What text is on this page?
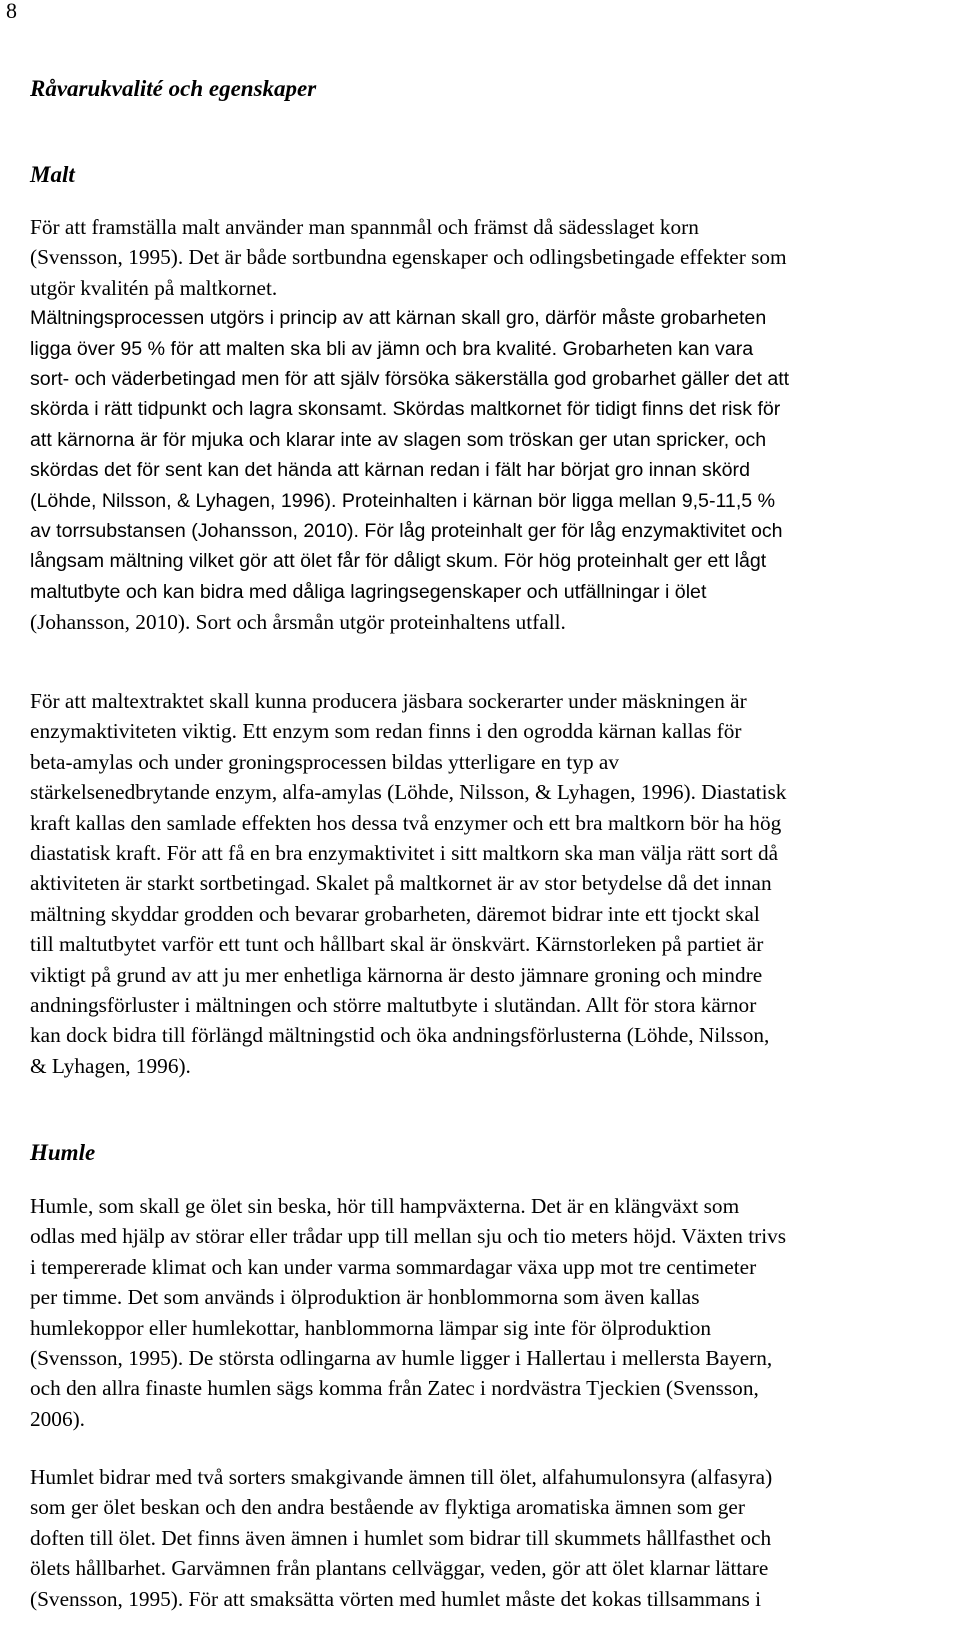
8
Råvarukvalité och egenskaper
Malt
För att framställa malt använder man spannmål och främst då sädesslaget korn
(Svensson, 1995). Det är både sortbundna egenskaper och odlingsbetingade effekter som
utgör kvalitén på maltkornet.
Mältningsprocessen utgörs i princip av att kärnan skall gro, därför måste grobarheten
ligga över 95 % för att malten ska bli av jämn och bra kvalité. Grobarheten kan vara
sort- och väderbetingad men för att själv försöka säkerställa god grobarhet gäller det att
skörda i rätt tidpunkt och lagra skonsamt. Skördas maltkornet för tidigt finns det risk för
att kärnorna är för mjuka och klarar inte av slagen som tröskan ger utan spricker, och
skördas det för sent kan det hända att kärnan redan i fält har börjat gro innan skörd
(Löhde, Nilsson, & Lyhagen, 1996). Proteinhalten i kärnan bör ligga mellan 9,5-11,5 %
av torrsubstansen (Johansson, 2010). För låg proteinhalt ger för låg enzymaktivitet och
långsam mältning vilket gör att ölet får för dåligt skum. För hög proteinhalt ger ett lågt
maltutbyte och kan bidra med dåliga lagringsegenskaper och utfällningar i ölet
(Johansson, 2010). Sort och årsmån utgör proteinhaltens utfall.
För att maltextraktet skall kunna producera jäsbara sockerarter under mäskningen är
enzymaktiviteten viktig. Ett enzym som redan finns i den ogrodda kärnan kallas för
beta-amylas och under groningsprocessen bildas ytterligare en typ av
stärkelsenedbrytande enzym, alfa-amylas (Löhde, Nilsson, & Lyhagen, 1996). Diastatisk
kraft kallas den samlade effekten hos dessa två enzymer och ett bra maltkorn bör ha hög
diastatisk kraft. För att få en bra enzymaktivitet i sitt maltkorn ska man välja rätt sort då
aktiviteten är starkt sortbetingad. Skalet på maltkornet är av stor betydelse då det innan
mältning skyddar grodden och bevarar grobarheten, däremot bidrar inte ett tjockt skal
till maltutbytet varför ett tunt och hållbart skal är önskvärt. Kärnstorleken på partiet är
viktigt på grund av att ju mer enhetliga kärnorna är desto jämnare groning och mindre
andningsförluster i mältningen och större maltutbyte i slutändan. Allt för stora kärnor
kan dock bidra till förlängd mältningstid och öka andningsförlusterna (Löhde, Nilsson,
& Lyhagen, 1996).
Humle
Humle, som skall ge ölet sin beska, hör till hampväxterna. Det är en klängväxt som
odlas med hjälp av störar eller trådar upp till mellan sju och tio meters höjd. Växten trivs
i tempererade klimat och kan under varma sommardagar växa upp mot tre centimeter
per timme. Det som används i ölproduktion är honblommorna som även kallas
humlekoppor eller humlekottar, hanblommorna lämpar sig inte för ölproduktion
(Svensson, 1995). De största odlingarna av humle ligger i Hallertau i mellersta Bayern,
och den allra finaste humlen sägs komma från Zatec i nordvästra Tjeckien (Svensson,
2006).
Humlet bidrar med två sorters smakgivande ämnen till ölet, alfahumulonsyra (alfasyra)
som ger ölet beskan och den andra bestående av flyktiga aromatiska ämnen som ger
doften till ölet. Det finns även ämnen i humlet som bidrar till skummets hållfasthet och
ölets hållbarhet. Garvämnen från plantans cellväggar, veden, gör att ölet klarnar lättare
(Svensson, 1995). För att smaksätta vörten med humlet måste det kokas tillsammans i
